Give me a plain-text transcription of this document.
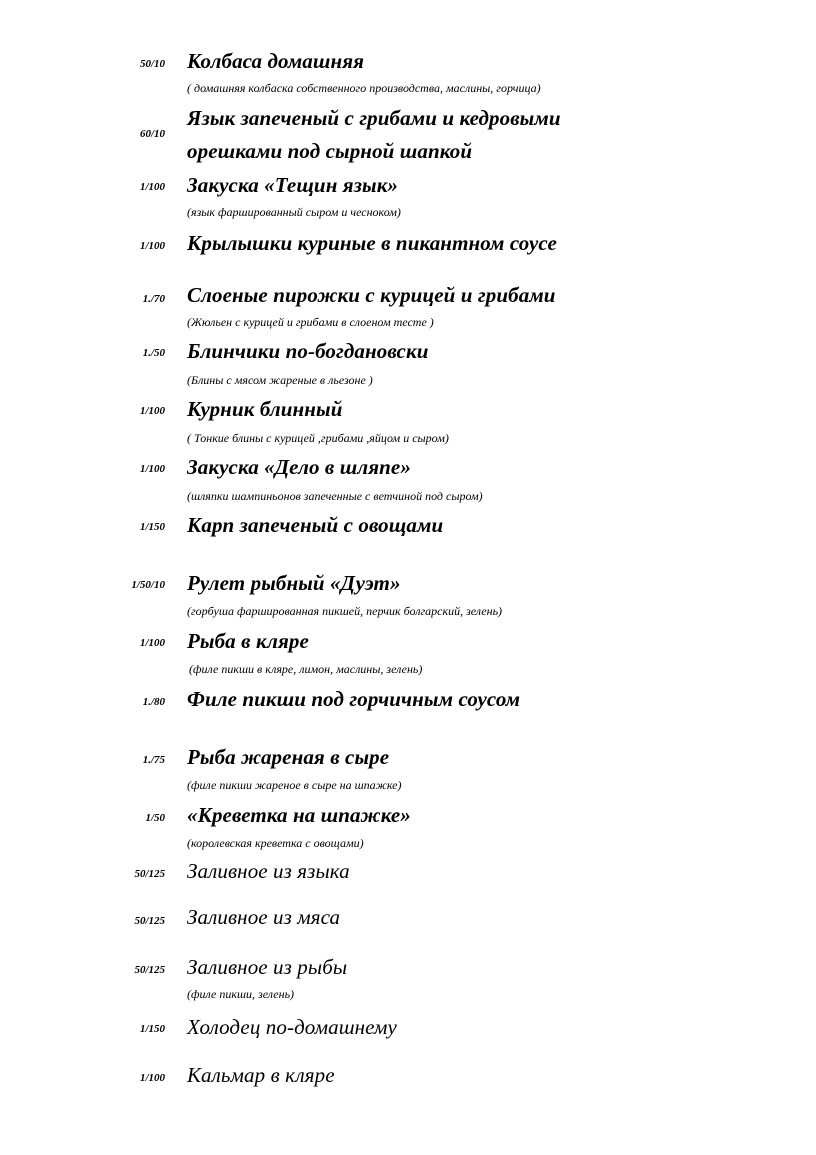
50/10 Колбаса домашняя
( домашняя колбаска собственного производства, маслины, горчица)
60/10
Язык запеченый с грибами и кедровыми
орешками под сырной шапкой
1/100 Закуска «Тещин язык»
(язык фаршированный сыром и чесноком)
1/100 Крылышки куриные в пикантном соусе
1./70 Слоеные пирожки с курицей и грибами
(Жюльен с курицей и грибами в слоеном тесте )
1./50 Блинчики по-богдановски
(Блины с мясом жареные в льезоне )
1/100 Курник блинный
( Тонкие блины с курицей ,грибами ,яйцом и сыром)
1/100 Закуска «Дело в шляпе»
(шляпки шампиньонов запеченные с ветчиной под сыром)
1/150 Карп запеченый с овощами
1/50/10 Рулет рыбный «Дуэт»
(горбуша фаршированная пикшей, перчик болгарский, зелень)
1/100 Рыба в кляре
(филе пикши в кляре, лимон, маслины, зелень)
1./80 Филе пикши под горчичным соусом
1./75 Рыба жареная в сыре
(филе пикши жареное в сыре на шпажке)
1/50 «Креветка на шпажке»
(королевская креветка с овощами)
50/125 Заливное из языка
50/125 Заливное из мяса
50/125 Заливное из рыбы
(филе пикши, зелень)
1/150 Холодец по-домашнему
1/100 Кальмар в кляре
